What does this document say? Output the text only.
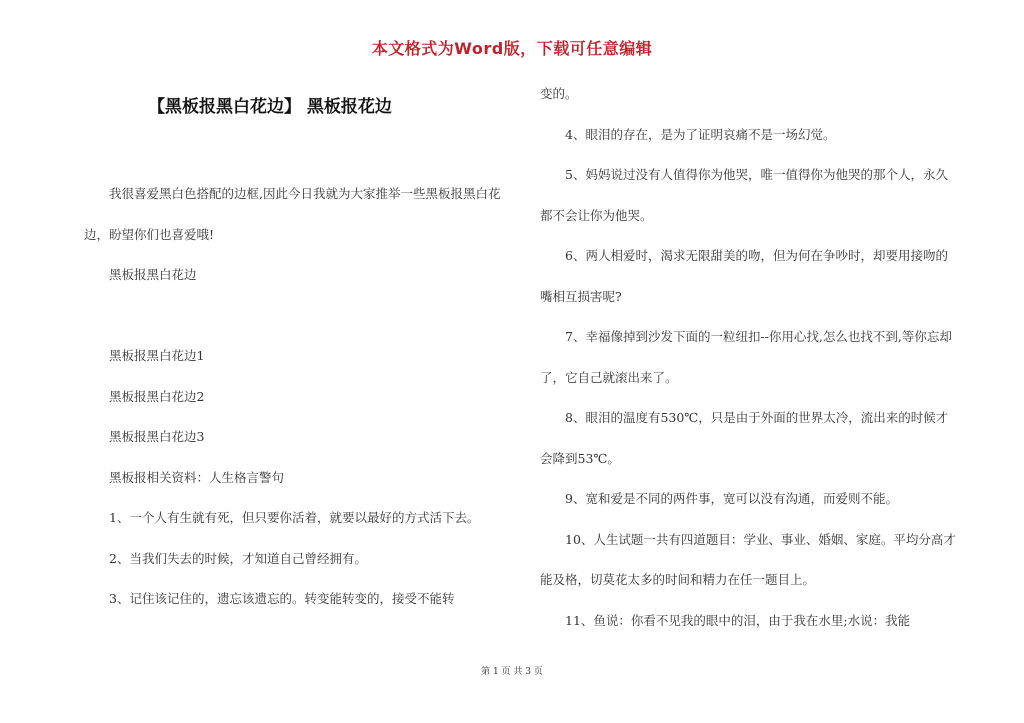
本文格式为Word版，下载可任意编辑
【黑板报黑白花边】 黑板报花边

我很喜爱黑白色搭配的边框,因此今日我就为大家推举一些黑板报黑白花边，盼望你们也喜爱哦!

黑板报黑白花边

黑板报黑白花边1

黑板报黑白花边2

黑板报黑白花边3

黑板报相关资料：人生格言警句

1、一个人有生就有死，但只要你活着，就要以最好的方式活下去。

2、当我们失去的时候，才知道自己曾经拥有。

3、记住该记住的，遗忘该遗忘的。转变能转变的，接受不能转

变的。

4、眼泪的存在，是为了证明哀痛不是一场幻觉。

5、妈妈说过没有人值得你为他哭，唯一值得你为他哭的那个人，永久都不会让你为他哭。

6、两人相爱时，渴求无限甜美的吻，但为何在争吵时，却要用接吻的嘴相互损害呢?

7、幸福像掉到沙发下面的一粒纽扣--你用心找,怎么也找不到,等你忘却了，它自己就滚出来了。

8、眼泪的温度有530℃，只是由于外面的世界太冷，流出来的时候才会降到53℃。

9、宽和爱是不同的两件事，宽可以没有沟通，而爱则不能。

10、人生试题一共有四道题目：学业、事业、婚姻、家庭。平均分高才能及格，切莫花太多的时间和精力在任一题目上。

11、鱼说：你看不见我的眼中的泪，由于我在水里;水说：我能

第 1 页 共 3 页
